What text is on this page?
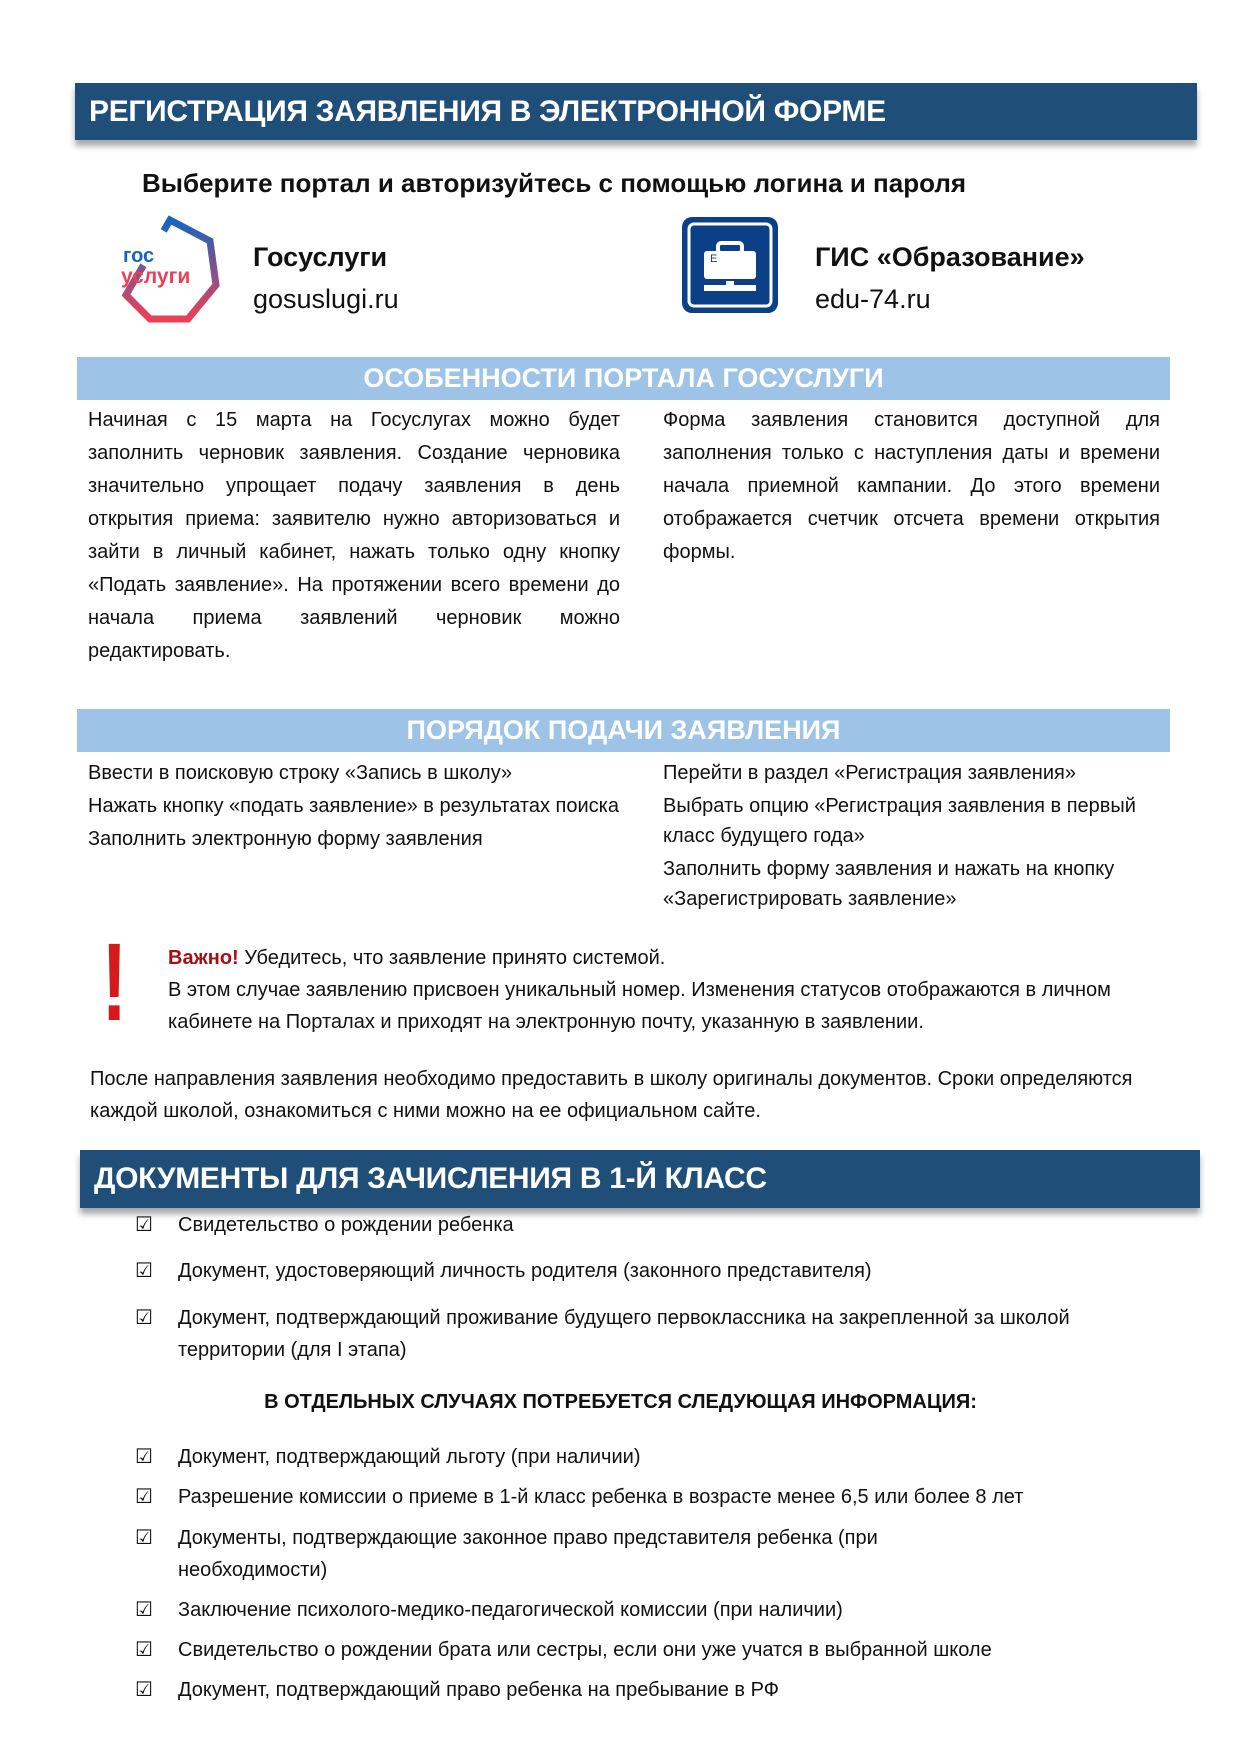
РЕГИСТРАЦИЯ ЗАЯВЛЕНИЯ В ЭЛЕКТРОННОЙ ФОРМЕ
Выберите портал и авторизуйтесь с помощью логина и пароля
гос
услуги
Госуслуги
gosuslugi.ru
E	ГИС «Образование»
edu-74.ru
ОСОБЕННОСТИ ПОРТАЛА ГОСУСЛУГИ
Начиная с 15 марта на Госуслугах можно будет заполнить черновик заявления. Создание черновика значительно упрощает подачу заявления в день открытия приема: заявителю нужно авторизоваться и зайти в личный кабинет, нажать только одну кнопку «Подать заявление». На протяжении всего времени до начала приема заявлений черновик можно редактировать.
Форма заявления становится доступной для заполнения только с наступления даты и времени начала приемной кампании. До этого времени отображается счетчик отсчета времени открытия формы.
ПОРЯДОК ПОДАЧИ ЗАЯВЛЕНИЯ
Ввести в поисковую строку «Запись в школу»
Нажать кнопку «подать заявление» в результатах поиска
Заполнить электронную форму заявления
Перейти в раздел «Регистрация заявления»
Выбрать опцию «Регистрация заявления в первый класс будущего года»
Заполнить форму заявления и нажать на кнопку «Зарегистрировать заявление»
! Важно! Убедитесь, что заявление принято системой.
В этом случае заявлению присвоен уникальный номер. Изменения статусов отображаются в личном кабинете на Порталах и приходят на электронную почту, указанную в заявлении.
После направления заявления необходимо предоставить в школу оригиналы документов. Сроки определяются каждой школой, ознакомиться с ними можно на ее официальном сайте.
ДОКУМЕНТЫ ДЛЯ ЗАЧИСЛЕНИЯ В 1-Й КЛАСС
☑ Свидетельство о рождении ребенка
☑ Документ, удостоверяющий личность родителя (законного представителя)
☑ Документ, подтверждающий проживание будущего первоклассника на закрепленной за школой территории (для I этапа)
В ОТДЕЛЬНЫХ СЛУЧАЯХ ПОТРЕБУЕТСЯ СЛЕДУЮЩАЯ ИНФОРМАЦИЯ:
☑ Документ, подтверждающий льготу (при наличии)
☑ Разрешение комиссии о приеме в 1-й класс ребенка в возрасте менее 6,5 или более 8 лет
☑ Документы, подтверждающие законное право представителя ребенка (при необходимости)
☑ Заключение психолого-медико-педагогической комиссии (при наличии)
☑ Свидетельство о рождении брата или сестры, если они уже учатся в выбранной школе
☑ Документ, подтверждающий право ребенка на пребывание в РФ
